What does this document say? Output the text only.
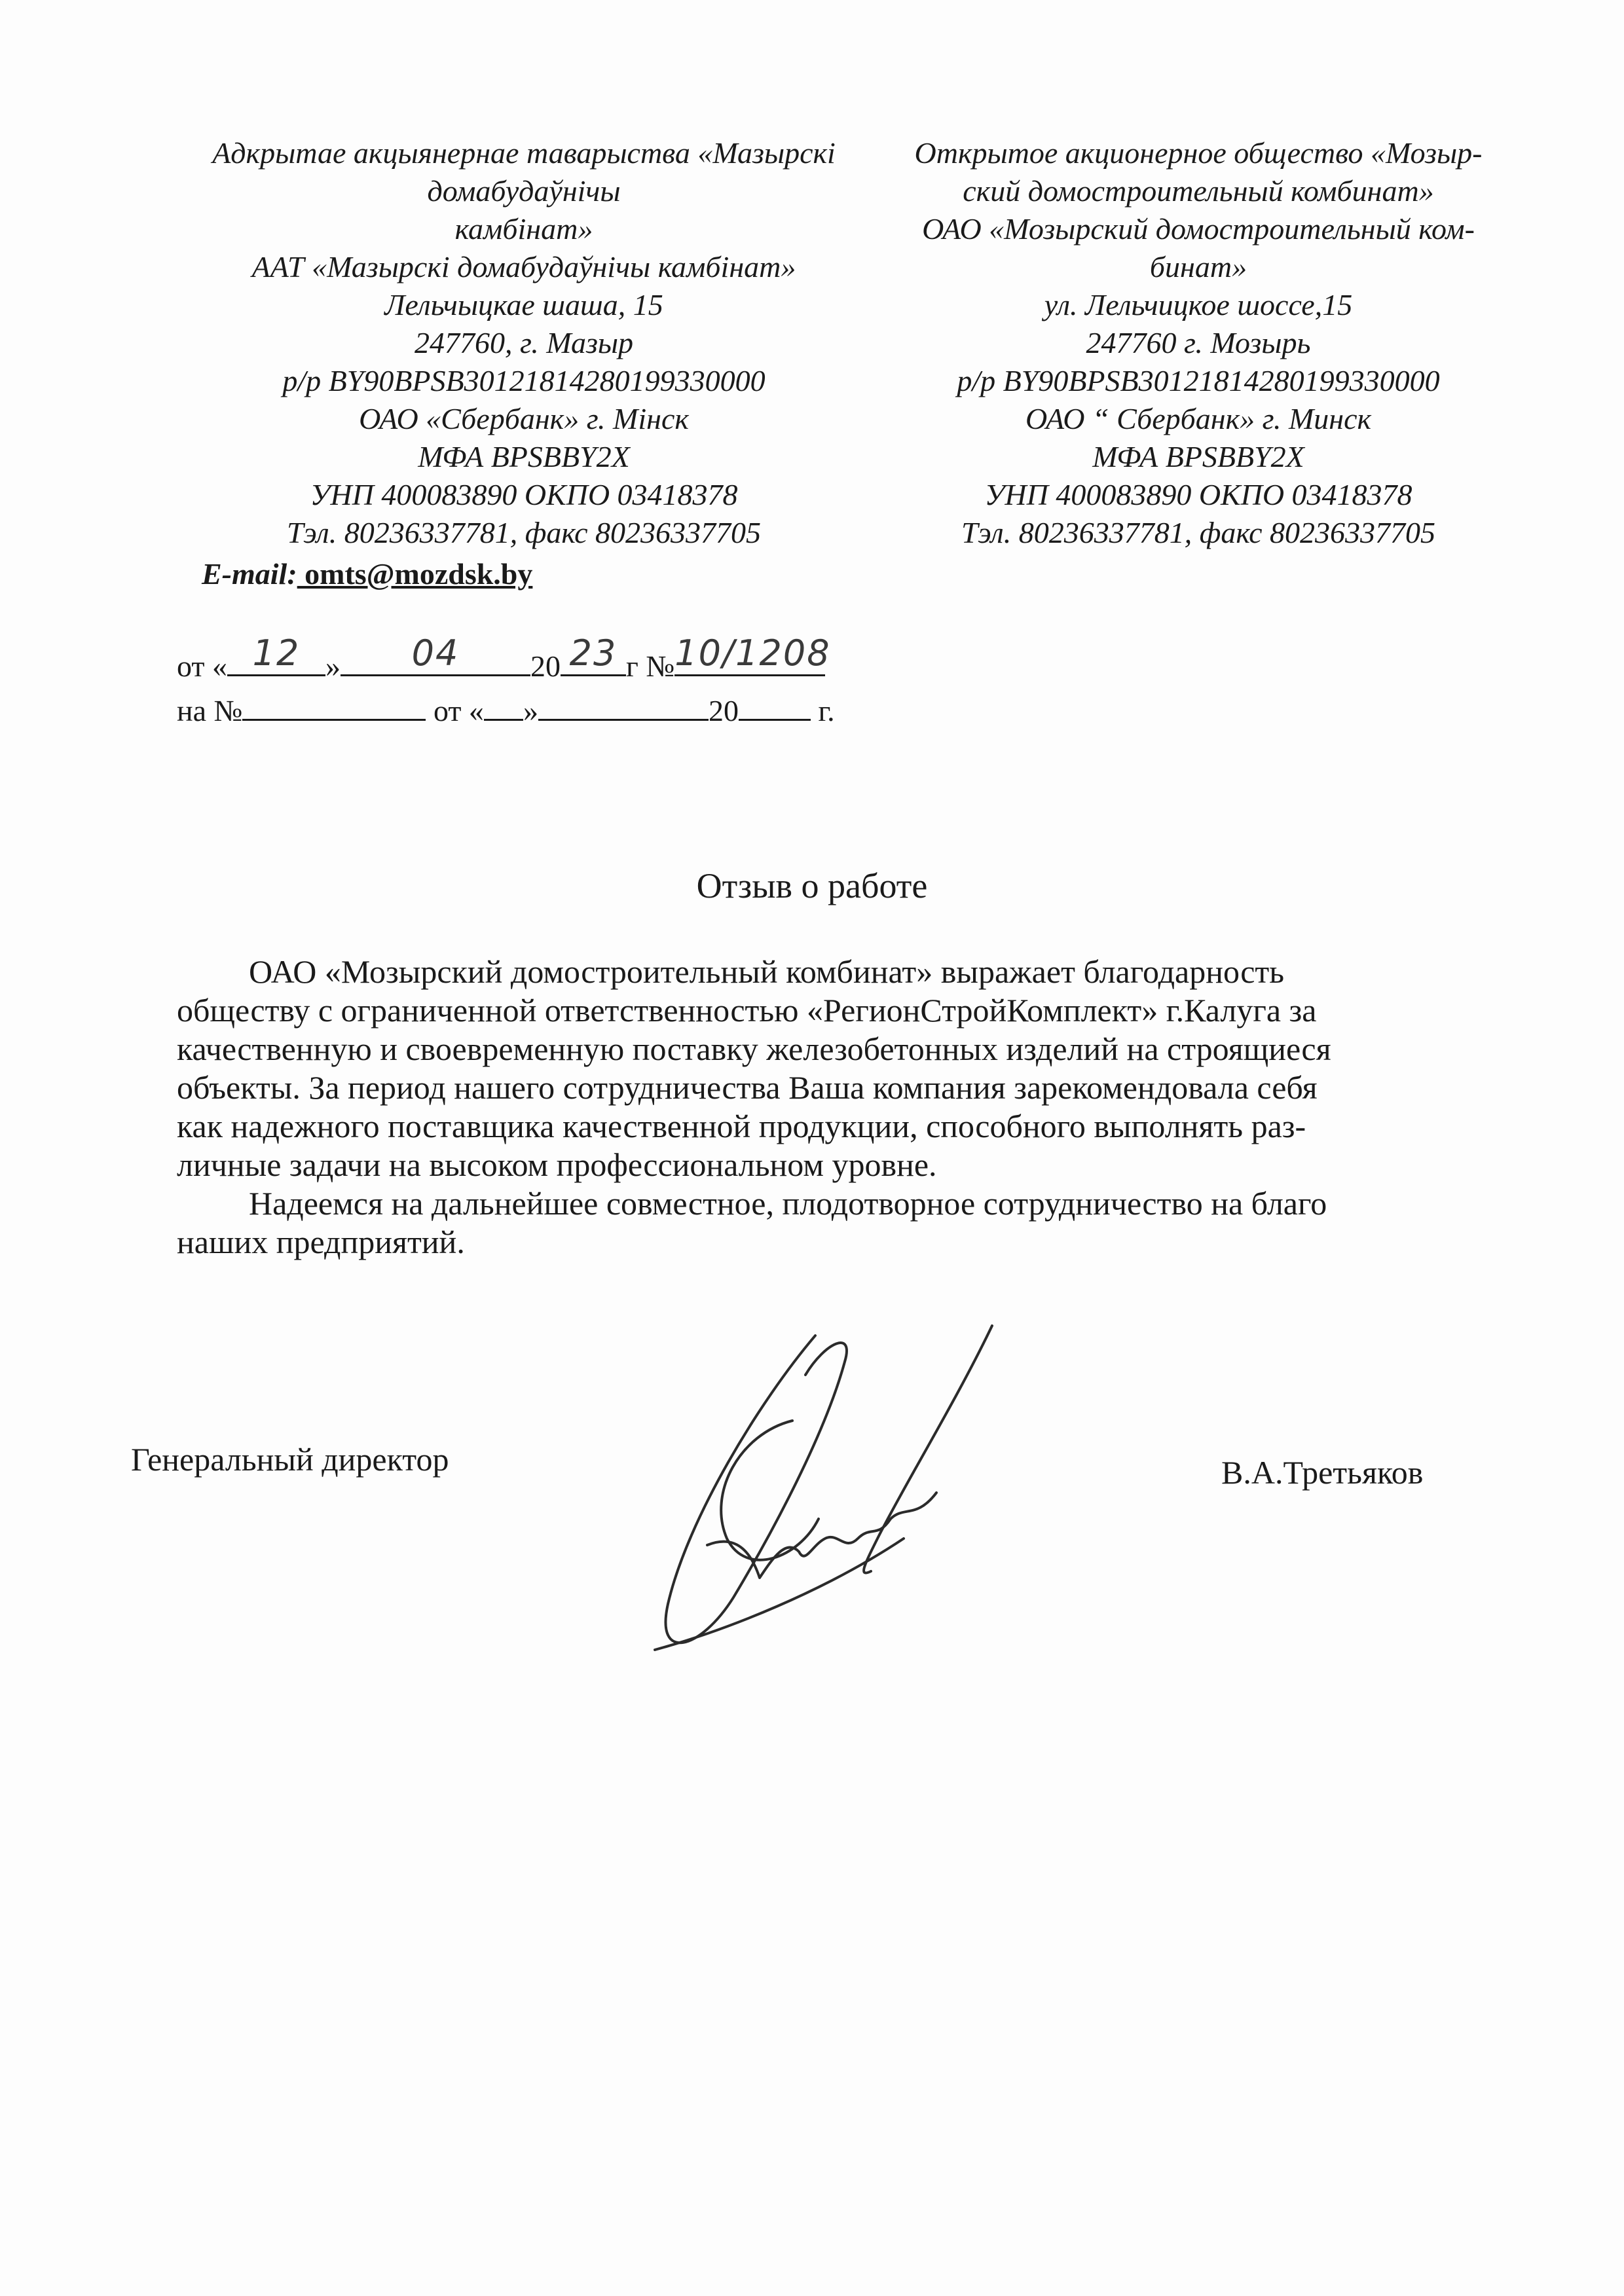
Адкрытае акцыянернае таварыства «Мазырскі
домабудаўнічы
камбінат»
ААТ «Мазырскі домабудаўнічы камбінат»
Лельчыцкае шаша, 15
247760, г. Мазыр
р/р BY90BPSB30121814280199330000
ОАО «Сбербанк» г. Мінск
МФА BPSBBY2X
УНП 400083890 ОКПО 03418378
Тэл. 80236337781, факс 80236337705
E-mail: omts@mozdsk.by
Открытое акционерное общество «Мозыр-
ский домостроительный комбинат»
ОАО «Мозырский домостроительный ком-
бинат»
ул. Лельчицкое шоссе,15
247760 г. Мозырь
р/р BY90BPSB30121814280199330000
ОАО “ Сбербанк» г. Минск
МФА BPSBBY2X
УНП 400083890 ОКПО 03418378
Тэл. 80236337781, факс 80236337705
от « 12 »	04	20 23 г № 10/1208
на №	от « »	20	г.
Отзыв о работе
ОАО «Мозырский домостроительный комбинат» выражает благодарность
обществу с ограниченной ответственностью «РегионСтройКомплект» г.Калуга за
качественную и своевременную поставку железобетонных изделий на строящиеся
объекты. За период нашего сотрудничества Ваша компания зарекомендовала себя
как надежного поставщика качественной продукции, способного выполнять раз-
личные задачи на высоком профессиональном уровне.
Надеемся на дальнейшее совместное, плодотворное сотрудничество на благо
наших предприятий.
Генеральный директор	В.А.Третьяков
